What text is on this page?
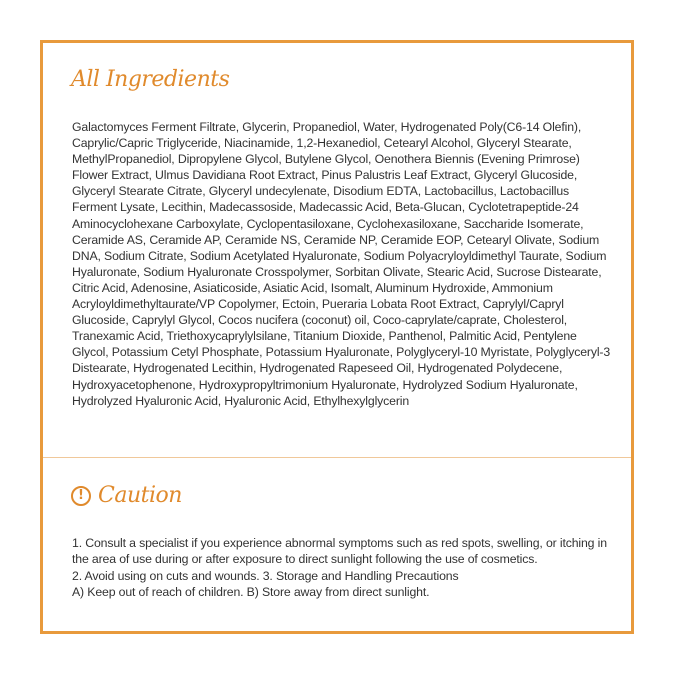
All Ingredients

Galactomyces Ferment Filtrate, Glycerin, Propanediol, Water, Hydrogenated Poly(C6-14 Olefin), Caprylic/Capric Triglyceride, Niacinamide, 1,2-Hexanediol, Cetearyl Alcohol, Glyceryl Stearate, MethylPropanediol, Dipropylene Glycol, Butylene Glycol, Oenothera Biennis (Evening Primrose) Flower Extract, Ulmus Davidiana Root Extract, Pinus Palustris Leaf Extract, Glyceryl Glucoside, Glyceryl Stearate Citrate, Glyceryl undecylenate, Disodium EDTA, Lactobacillus, Lactobacillus Ferment Lysate, Lecithin, Madecassoside, Madecassic Acid, Beta-Glucan, Cyclotetrapeptide-24 Aminocyclohexane Carboxylate, Cyclopentasiloxane, Cyclohexasiloxane, Saccharide Isomerate, Ceramide AS, Ceramide AP, Ceramide NS, Ceramide NP, Ceramide EOP, Cetearyl Olivate, Sodium DNA, Sodium Citrate, Sodium Acetylated Hyaluronate, Sodium Polyacryloyldimethyl Taurate, Sodium Hyaluronate, Sodium Hyaluronate Crosspolymer, Sorbitan Olivate, Stearic Acid, Sucrose Distearate, Citric Acid, Adenosine, Asiaticoside, Asiatic Acid, Isomalt, Aluminum Hydroxide, Ammonium Acryloyldimethyltaurate/VP Copolymer, Ectoin, Pueraria Lobata Root Extract, Caprylyl/Capryl Glucoside, Caprylyl Glycol, Cocos nucifera (coconut) oil, Coco-caprylate/caprate, Cholesterol, Tranexamic Acid, Triethoxycaprylylsilane, Titanium Dioxide, Panthenol, Palmitic Acid, Pentylene Glycol, Potassium Cetyl Phosphate, Potassium Hyaluronate, Polyglyceryl-10 Myristate, Polyglyceryl-3 Distearate, Hydrogenated Lecithin, Hydrogenated Rapeseed Oil, Hydrogenated Polydecene, Hydroxyacetophenone, Hydroxypropyltrimonium Hyaluronate, Hydrolyzed Sodium Hyaluronate, Hydrolyzed Hyaluronic Acid, Hyaluronic Acid, Ethylhexylglycerin

! Caution

1. Consult a specialist if you experience abnormal symptoms such as red spots, swelling, or itching in the area of use during or after exposure to direct sunlight following the use of cosmetics.

2. Avoid using on cuts and wounds. 3. Storage and Handling Precautions

A) Keep out of reach of children. B) Store away from direct sunlight.
